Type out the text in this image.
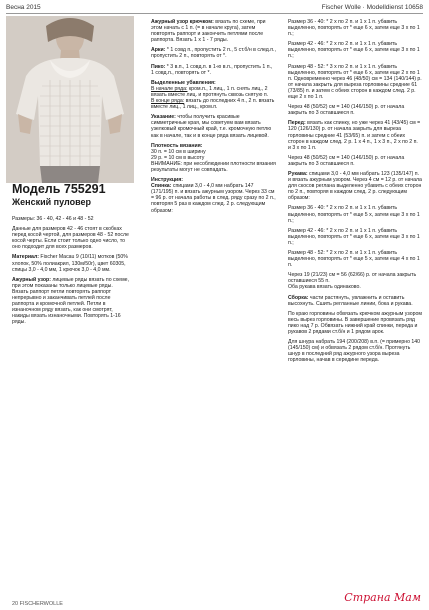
Весна 2015	Fischer Wolle · Modelldienst 10658
Модель 755291
Женский пуловер

Размеры: 36 - 40, 42 - 46 и 48 - 52

Данные для размеров 42 - 46 стоят в скобках перед косой чертой, для размеров 48 - 52 после косой черты. Если стоит только одно число, то оно подходит для всех размеров.

Материал: Fischer Macau 9 (10/11) мотков (50% хлопок, 50% полиакрил, 130м/50г), цвет 60305, спицы 3,0 - 4,0 мм, 1 крючок 3,0 - 4,0 мм.

Ажурный узор: лицевые ряды вязать по схеме, при этом показаны только лицевые ряды. Вязать раппорт петли повторять раппорт непрерывно и заканчивать петлей после раппорта и кромочной петлей. Петли в изнаночном ряду вязать, как они смотрят, накиды вязать изнаночными. Повторять 1-16 ряды.

Ажурный узор крючком: вязать по схеме, при этом начать с 1 п. (= в начале круга), затем повторять раппорт и закончить петлями после раппорта. Вязать 1 х 1 - 7 ряды.

Арки: * 1 совд п., пропустить 2 п., 5 ст.б/н в след.п., пропустить 2 п., повторять от *.

Пико: * 3 в.п., 1 совд.п. в 1-ю в.п., пропустить 1 п., 1 совд.п., повторять от *.

Выделенные убавления:

В начале ряда: кром.п., 1 лиц., 1 п. снять лиц., 2 вязать вместе лиц. и протянуть сквозь снятую п.

В конце ряда: вязать до последних 4 п., 2 п. вязать вместе лиц., 1 лиц., кром.п.

Указание: чтобы получить красивые симметричные края, мы советуем вам вязать узелковый кромочный край, т.е. кромочную петлю как в начале, так и в конце ряда вязать лицевой.

Плотность вязания:

30 п. = 10 см в ширину

29 р. = 10 см в высоту

ВНИМАНИЕ: при несоблюдении плотности вязания результаты могут не совпадать.

Инструкция:

Спинка: спицами 3,0 - 4,0 мм набрать 147 (171/195) п. и вязать ажурным узором. Через 33 см = 96 р. от начала работы в след. ряду сразу по 2 п., повторяя 5 раз в каждом след. 2 р. следующим образом:

Размер 36 - 40: * 2 х по 2 п. и 1 х 1 п. убавить выделенно, повторять от * еще 6 х, затем еще 3 х по 1 п.;

Размер 42 - 46: * 2 х по 2 п. и 1 х 1 п. убавить выделенно, повторять от * еще 6 х, затем еще 3 х по 1 п.;

Размер 48 - 52: * 3 х по 2 п. и 1 х 1 п. убавить выделенно, повторять от * еще 6 х, затем еще 2 х по 1 п. Одновременно через 46 (48/50) см = 134 (140/144) р. от начала закрыть для выреза горловины средние 61 (73/85) п. и затем с обеих сторон в каждом след. 2 р. еще 2 х по 1 п.

Через 48 (50/52) см = 140 (146/150) р. от начала закрыть по 3 оставшиеся п.

Перед: вязать как спинку, но уже через 41 (43/45) см = 120 (126/130) р. от начала закрыть для выреза горловины средние 41 (53/65) п. и затем с обеих сторон в каждом след. 2 р. 1 х 4 п., 1 х 3 п., 2 х по 2 п. и 3 х по 1 п.

Через 48 (50/52) см = 140 (146/150) р. от начала закрыть по 3 оставшиеся п.

Рукава: спицами 3,0 - 4,0 мм набрать 123 (135/147) п. и вязать ажурным узором. Через 4 см = 12 р. от начала для скосов реглана выделенно убавить с обеих сторон по 2 п., повторяя в каждом след. 2 р. следующим образом:

Размер 36 - 40: * 2 х по 2 п. и 1 х 1 п. убавить выделенно, повторять от * еще 5 х, затем еще 3 х по 1 п.;

Размер 42 - 46: * 2 х по 2 п. и 1 х 1 п. убавить выделенно, повторять от * еще 6 х, затем еще 3 х по 1 п.;

Размер 48 - 52: * 2 х по 2 п. и 1 х 1 п. убавить выделенно, повторять от * еще 5 х, затем еще 4 х по 1 п.

Через 19 (21/23) см = 56 (62/66) р. от начала закрыть оставшиеся 55 п.

Оба рукава вязать одинаково.

Сборка: части растянуть, увлажнить и оставить высохнуть. Сшить регланные линии, бока и рукава.

По краю горловины обвязать крючком ажурным узором весь вырез горловины. В завершение провязать ряд пико над 7 р. Обвязать нижний край спинки, переда и рукавов 2 рядами ст.б/н и 1 рядом арок.

Для шнура набрать 194 (200/208) в.п. (= примерно 140 (145/150) см) и обвязать 2 рядом ст.б/н. Протянуть шнур в последний ряд ажурного узора выреза горловины, начав в середине переда.

20 FISCHERWOLLE	Страна Мам
